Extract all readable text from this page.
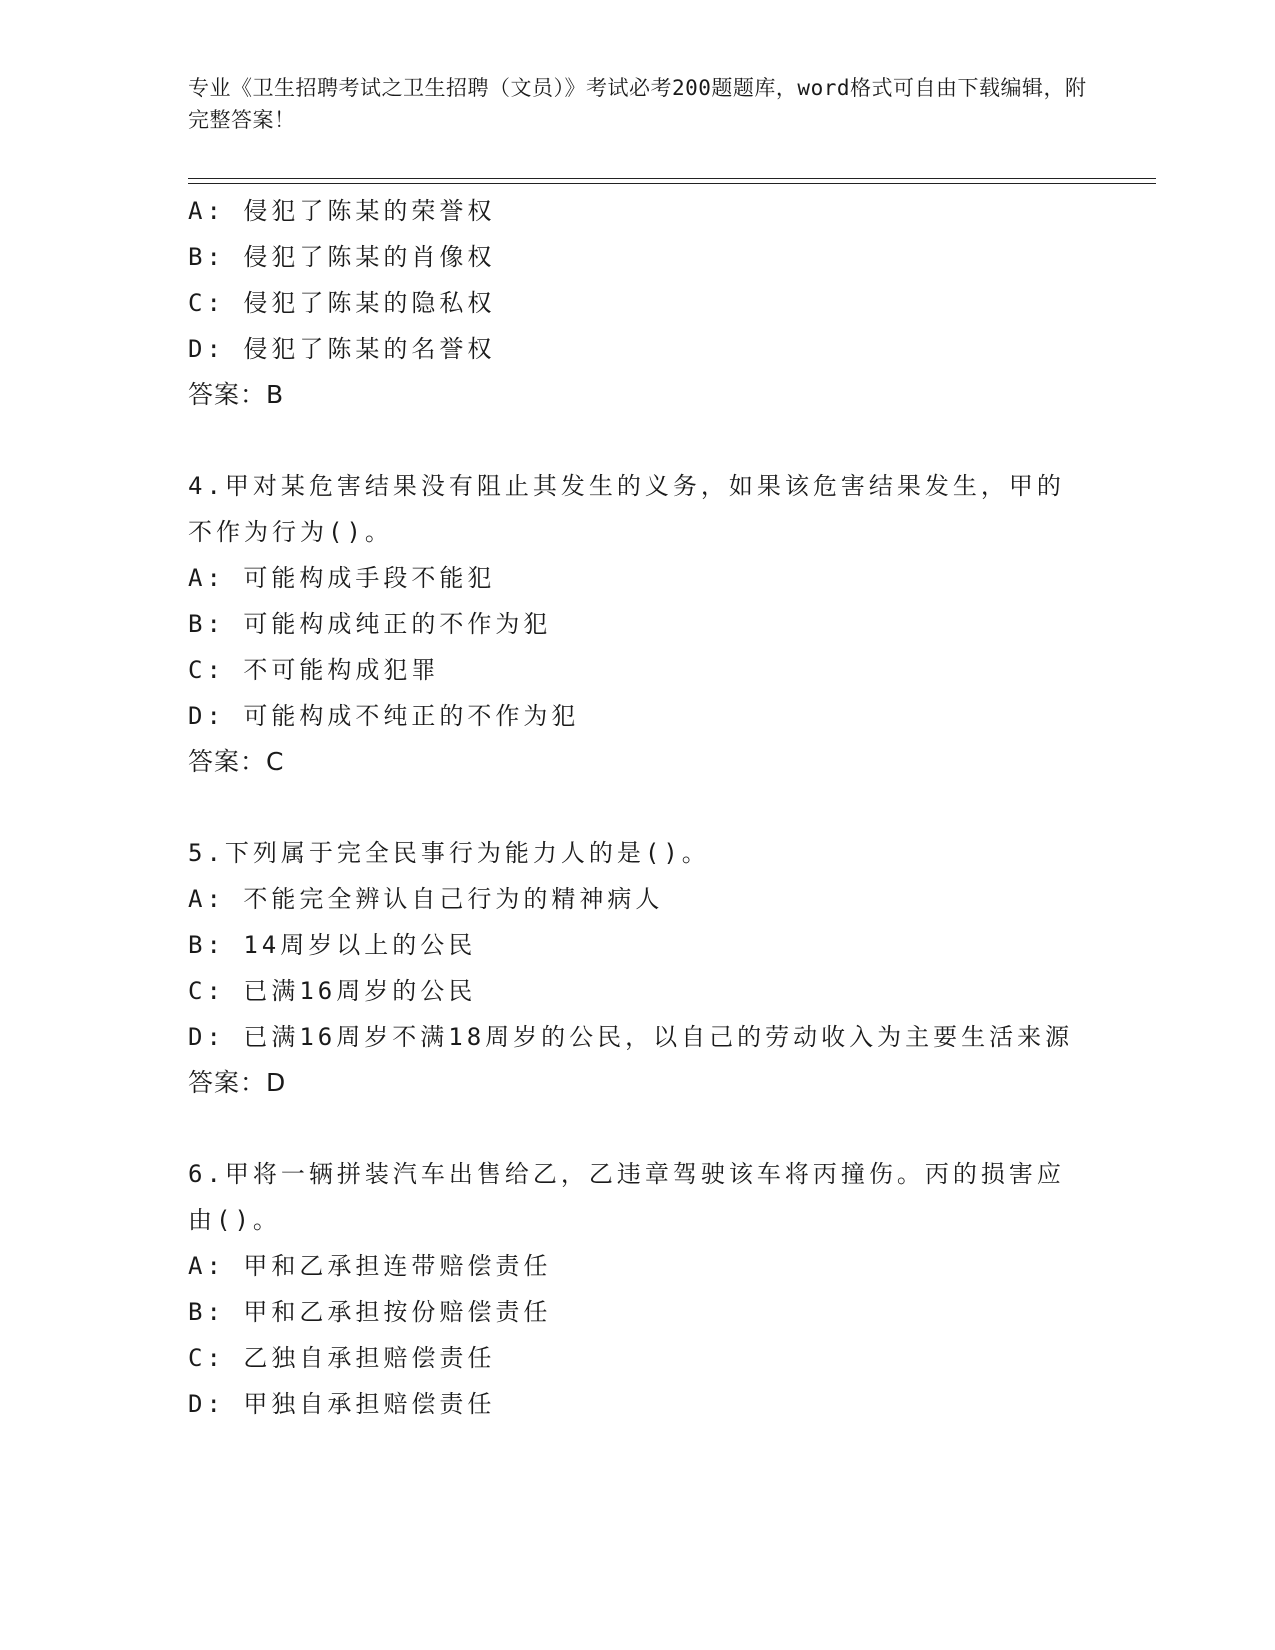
专业《卫生招聘考试之卫生招聘（文员）》考试必考200题题库，word格式可自由下载编辑，附完整答案！
A: 侵犯了陈某的荣誉权
B: 侵犯了陈某的肖像权
C: 侵犯了陈某的隐私权
D: 侵犯了陈某的名誉权
答案：B
4.甲对某危害结果没有阻止其发生的义务，如果该危害结果发生，甲的不作为行为()。
A: 可能构成手段不能犯
B: 可能构成纯正的不作为犯
C: 不可能构成犯罪
D: 可能构成不纯正的不作为犯
答案：C
5.下列属于完全民事行为能力人的是()。
A: 不能完全辨认自己行为的精神病人
B: 14周岁以上的公民
C: 已满16周岁的公民
D: 已满16周岁不满18周岁的公民，以自己的劳动收入为主要生活来源
答案：D
6.甲将一辆拼装汽车出售给乙，乙违章驾驶该车将丙撞伤。丙的损害应由()。
A: 甲和乙承担连带赔偿责任
B: 甲和乙承担按份赔偿责任
C: 乙独自承担赔偿责任
D: 甲独自承担赔偿责任
